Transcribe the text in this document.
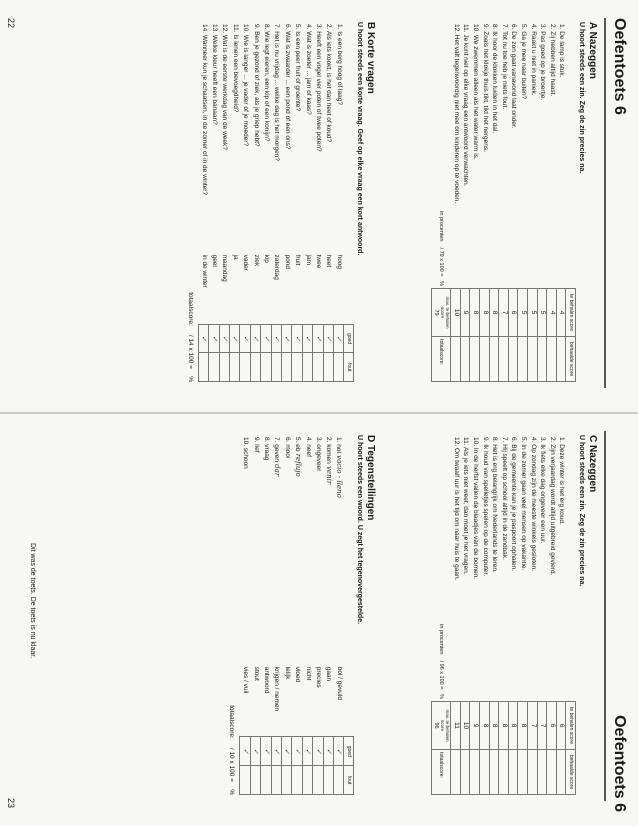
Oefentoets 6
A Nazeggen
U hoort steeds een zin. Zeg de zin precies na.
	te behalen score	behaalde score
1. De lamp is stuk.	4	
2. Zij hebben altijd haast.	4	
3. Pas goed op je broertje.	5	
4. Raakt u niet in paniek.	5	
5. Ga je mee naar buiten?	5	
6. De zon gaat vanavond laat onder.	6	
7. Tot nu toe heb je niets fout.	7	
8. Ik hoor de klokken luiden in het dal.	8	
9. Zoals het klokje thuis tikt, tikt het nergens.	8	
10. We zwemmen alleen als het water warm is.	8	
11. Je kunt niet op elke vraag een antwoord verwachten.	9	
12. Het valt tegenwoordig niet mee om kinderen op te voeden.	10	
in procenten    / 79 x 100 =   %	max. te behalen score
79	totaalscore:
B Korte vragen
U hoort steeds een korte vraag. Geef op elke vraag een kort antwoord.
		goed	fout
1. Is een berg hoog of laag?	hoog	✓	
2. Als iets kookt, is het dan heet of koud?	heet	✓	
3. Heeft een vogel vier poten of twee poten?	twee	✓	
4. Wat is zoeter ... jam of kaas?	jam	✓	
5. Is een peer fruit of groente?	fruit	✓	
6. Wat is zwaarder ... een pond of een ons?	pond	✓	
7. Het is nu vrijdag ... welke dag is het morgen?	zaterdag	✓	
8. Wie legt eieren, een kip of een konijn?	kip	✓	
9. Ben je gezond of ziek, als je griep hebt?	ziek	✓	
10. Wie is langer ... je vader of je moeder?	vader	✓	
11. Is lenen een bevoegdheid?	ja	✓	
12. Wat is de eerste werkdag van de week?	maandag	✓	
13. Welke kleur heeft een banaan?	geel	✓	
14. Wanneer kun je schaatsen, in de zomer of in de winter?	in de winter	✓	
totaalscore:     / 14 x 100 =    %
22
Oefentoets 6
C Nazeggen
U hoort steeds een zin. Zeg de zin precies na.
	te behalen score	behaalde score
1. Deze winter is het erg koud.	6	
2. Zijn verjaardag wordt altijd uitgebreid gevierd.	6	
3. Ik fiets elke dag ongeveer een uur.	7	
4. Op zondag zijn de meeste winkels gesloten.	7	
5. In de zomer gaan veel mensen op vakantie.	8	
6. Bij de gemeente kan je je paspoort ophalen.	8	
7. Hij speelt op school altijd in de zandbak.	8	
8. Het is erg belangrijk om Nederlands te leren.	8	
9. Ik houd van spelletjes spelen op de computer.	8	
10. In de herfst vallen de blaadjes van de bomen.	9	
11. Als je iets niet weet, dan moet je het vragen.	10	
12. Om twaalf uur is het tijd om naar huis te gaan.	11	
in procenten    / 96 x 100 =   %	max. te behalen score
96	totaalscore:
D Tegenstellingen
U hoort steeds een woord. U zegt het tegenovergestelde.
		goed	fout
1. hol vacio - lleno	bol / gevuld	✓	
2. komen venir	gaan	✓	
3. ongeveer	precies	✓	
4. neef	nicht	✓	
5. eb reflujo	vloed	✓	
6. mooi	lelijk	✓	
7. geven dar	krijgen / nemen	✓	
8. vraag	antwoord	✓	
9. lief	stout	✓	
10. schoon	vies / vuil	✓	
totaalscore:     / 10 x 100 =    %
Dit was de toets. De toets is nu klaar.
23
